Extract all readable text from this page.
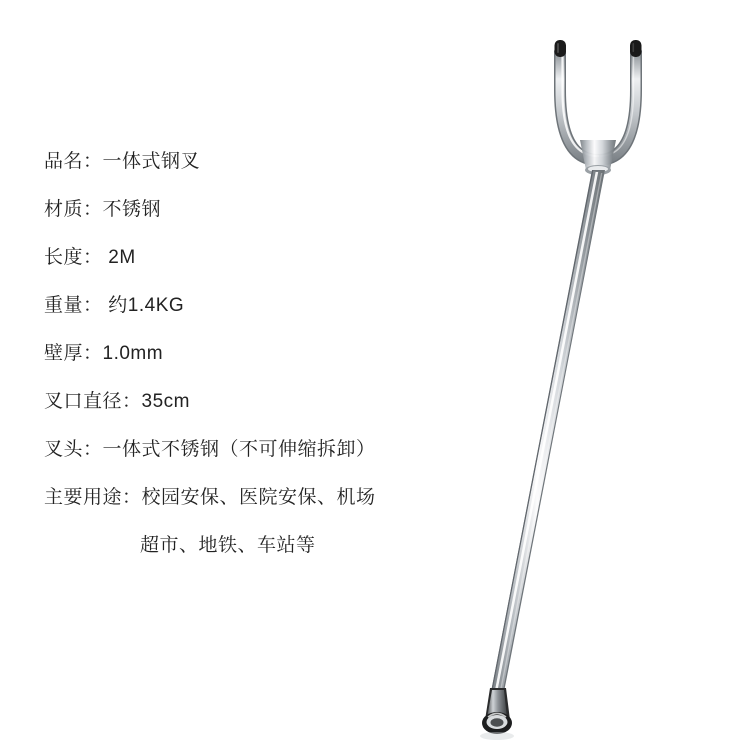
品名：一体式钢叉
材质：不锈钢
长度： 2M
重量： 约1.4KG
壁厚：1.0mm
叉口直径：35cm
叉头：一体式不锈钢（不可伸缩拆卸）
主要用途：校园安保、医院安保、机场
超市、地铁、车站等
